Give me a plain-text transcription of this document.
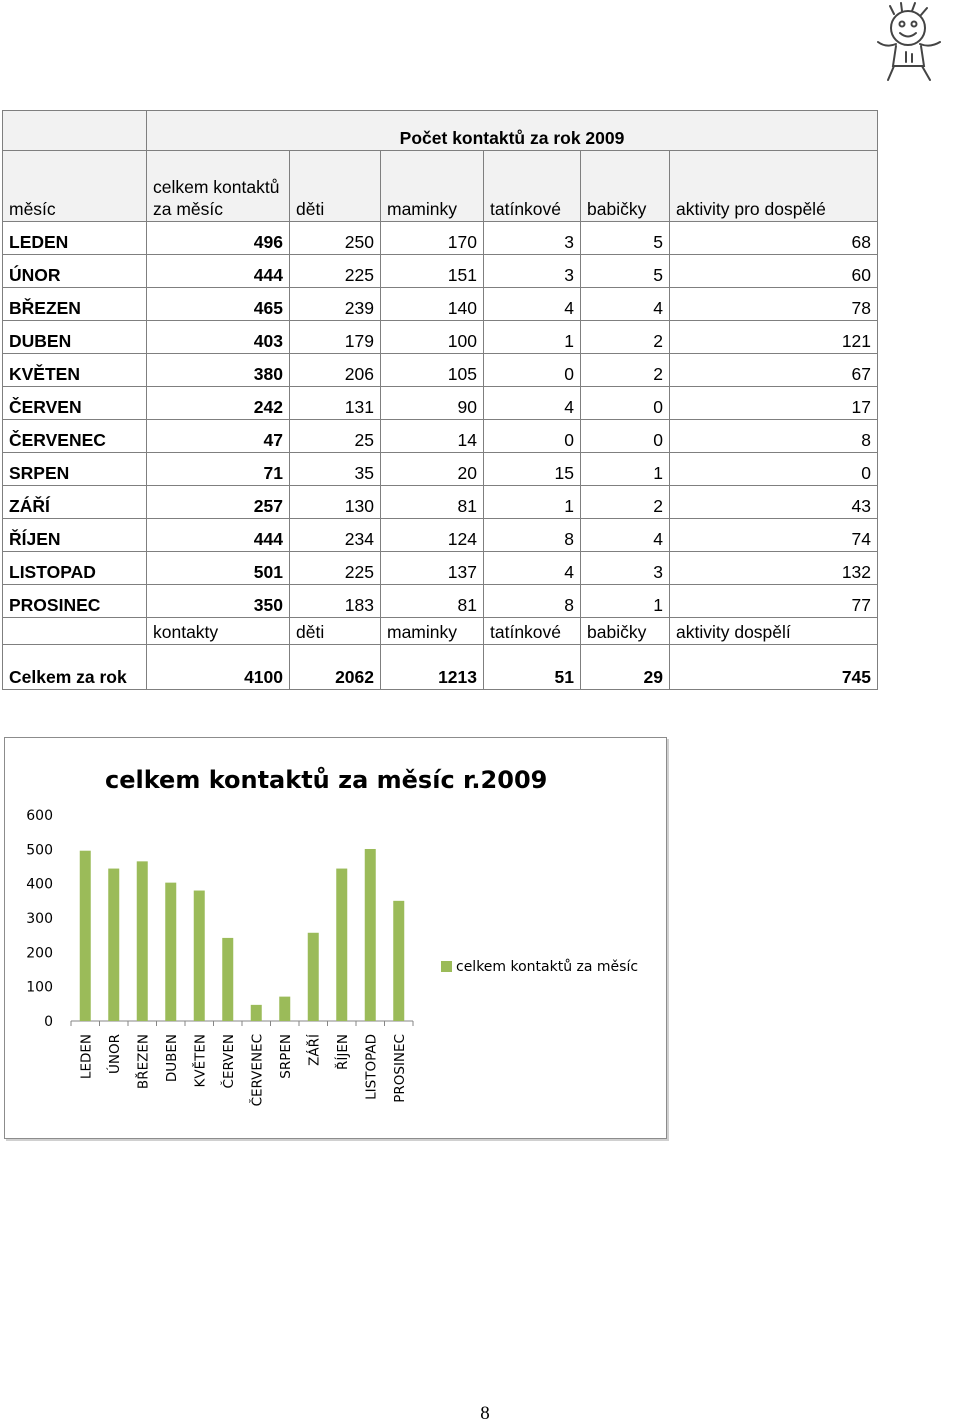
	Počet kontaktů za rok 2009					
měsíc	celkem kontaktů za měsíc	děti	maminky	tatínkové	babičky	aktivity pro dospělé
LEDEN	496	250	170	3	5	68
ÚNOR	444	225	151	3	5	60
BŘEZEN	465	239	140	4	4	78
DUBEN	403	179	100	1	2	121
KVĚTEN	380	206	105	0	2	67
ČERVEN	242	131	90	4	0	17
ČERVENEC	47	25	14	0	0	8
SRPEN	71	35	20	15	1	0
ZÁŘÍ	257	130	81	1	2	43
ŘÍJEN	444	234	124	8	4	74
LISTOPAD	501	225	137	4	3	132
PROSINEC	350	183	81	8	1	77
	kontakty	děti	maminky	tatínkové	babičky	aktivity dospělí
Celkem za rok	4100	2062	1213	51	29	745
celkem kontaktů za měsíc r.2009
0
100
200
300
400
500
600
LEDEN ÚNOR BŘEZEN DUBEN KVĚTEN ČERVEN ČERVENEC SRPEN ZÁŘÍ ŘÍJEN LISTOPAD PROSINEC
celkem kontaktů za měsíc
8
